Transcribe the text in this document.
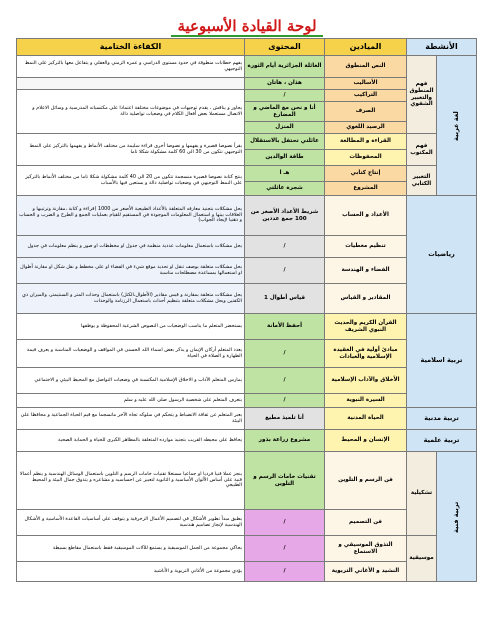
لوحة القيادة الأسبوعية
الأنشطة		الميادين	المحتوى	الكفاءة الختامية
لغة عربية	فهم المنطوق والتعبير الشفوي	النص المنطوق	العائلة الجزائرية أيام الثورة	يفهم خطابات منطوقة في حدود مستوى الدراسي و عمره الزمني والعقلي و يتفاعل معها بالتركيز على النمط التوجيهي
		الأساليب	هذان ، هاتان	
		التراكيب	/	يحاور و يناقش ، يقدم توجيهات في موضوعات مختلفة اعتمادا على مكتسباته المدرسية و وسائل الاعلام و الاتصال مستعملا بعض أفعال الكلام في وضعيات تواصلية دالة
		الصرف	أنا و نحن مع الماضي و المضارع	
		الرصيد اللغوي	المنزل	
	فهم المكتوب	القراءة و المطالعة	عائلتي تحتفل بالاستقلال	يقرأ نصوصا قصيرة و يفهمها و نصوصا أخرى قراءة سليمة من مختلف الأنماط و يفهمها بالتركيز على النمط التوجيهي تتكون من 30 الى 60 كلمة مشكولة شكلا تاما
		المحفوظات	طاقة الوالدين	
	التعبير الكتابي	إنتاج كتابي	هـ ا	ينتج كتابة نصوصا قصيرة منسجمة تتكون من 20 الى 40 كلمة مشكولة شكلا تاما من مختلف الأنماط بالتركيز على النمط التوجيهي في وضعيات تواصلية دالة و يستعين فيها بالأسباب
		المشروع	شجرة عائلتي	
رياضيات		الأعداد و الحساب	شريط الأعداد الأصغر من 100 جمع عددين	يحل مشكلات بتجنيد معارفه المتعلقة بالأعداد الطبيعية الأصغر من 1000 (قراءة و كتابة ،مقارنة وترتيبها و العلاقات بينها و استعمال المعلومات الموجودة في المستقيم للقيام بعمليات الجمع و الطرح و الضرب و الحساب و ذهنيا لإيجاد الجواب)
		تنظيم معطيات	/	يحل مشكلات باستعمال معلومات عددية منظمة في جدول او مخططات او صور و ينظم معلومات في جدول
		الفضاء و الهندسة	/	يحل مشكلات متعلقة بوصف تنقل او تحديد موقع شيء في الفضاء او على مخطط و نقل شكل او مقارنة أطوال او استعمالها بمساعدة مصطلحات مناسبة
		المقادير و القياس	قياس أطوال 1	يحل مشكلات متعلقة بمقارنة و قيس مقادير (الأطوال،الكتل) باستعمال وحدات المتر و السنتيمتر، والميزان ذي الكفتين ويحل مشكلات متعلقة بتنظيم أحداث باستعمال الرزنامة والوحدات
تربية اسلامية		القرآن الكريم والحديث النبوي الشريف	أحفظ الأمانة	يستحضر المتعلم ما يناسب الوضعيات من النصوص الشرعية المحفوظة و يوظفها
		مبادئ أولية في العقيدة الإسلامية والعبادات	/	يعدد المتعلم أركان الإيمان و يذكر بعض اسماء الله الحسنى في المواقف و الوضعيات المناسبة و يعرف قيمة الطهارة و الصلاة في الحياة
		الأخلاق والآداب الإسلامية	/	يمارس المتعلم الآداب و الاخلاق الإسلامية المكتسبة في وضعيات التواصل مع المحيط البيئي و الاجتماعي
		السيرة النبوية	/	يتعرف المتعلم على شخصية الرسول صلى الله عليه و سلم
تربية مدنية		الحياة المدنية	أنا تلميذ مطيع	يعبر المتعلم عن ثقافة الانضباط و يتحكم في سلوكه تجاه الآخر مانسجما مع قيم الحياة الجماعية و محافظا على البيئة
تربية علمية		الإنسان و المحيط	مشروع زراعة بذور	يحافظ على محيطه القريب بتجنيد موارده المتعلقة بالمظاهر الكبرى للحياة و الحماية الصحية
تربية فنية	تشكيلية	فن الرسم و التلوين	تقنيات خامات الرسم و التلوين	ينجز عملا فنيا فرديا او جماعيا مستغلا تقنيات خامات الرسم و التلوين باستعمال الوسائل الهندسية و ينظم أعمالا فنية على أساس الألوان الأساسية و الثانوية لتعبير عن احساسيه و مشاعره و يتذوق جمال البيئة و المحيط الطبيعي
		فن التصميم	/	يطبق مبدأ تطوير الأشكال في لتصميم الأعمال الزخرفية و يتوقف على أساسيات القاعدة الأساسية و الأشكال الهندسية لإنجاز تصاميم هندسية
	موسيقية	التذوق الموسيقي و الاستماع	/	يحاكي مجموعة من الجمل الموسيقية و يستمع للآلات الموسيقية فقط باستعمال مقاطع بسيطة
		النشيد و الأغاني التربوية	/	يؤدي مجموعة من الأغاني التربوية و الأناشيد
